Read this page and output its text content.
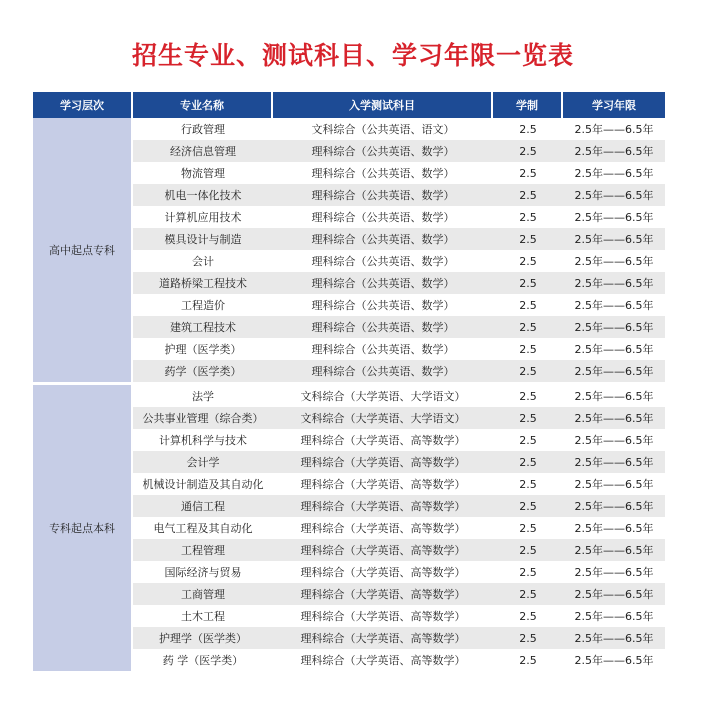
招生专业、测试科目、学习年限一览表
学习层次	专业名称	入学测试科目	学制	学习年限
高中起点专科
行政管理	文科综合（公共英语、语文）	2.5	2.5年——6.5年
经济信息管理	理科综合（公共英语、数学）	2.5	2.5年——6.5年
物流管理	理科综合（公共英语、数学）	2.5	2.5年——6.5年
机电一体化技术	理科综合（公共英语、数学）	2.5	2.5年——6.5年
计算机应用技术	理科综合（公共英语、数学）	2.5	2.5年——6.5年
模具设计与制造	理科综合（公共英语、数学）	2.5	2.5年——6.5年
会计	理科综合（公共英语、数学）	2.5	2.5年——6.5年
道路桥梁工程技术	理科综合（公共英语、数学）	2.5	2.5年——6.5年
工程造价	理科综合（公共英语、数学）	2.5	2.5年——6.5年
建筑工程技术	理科综合（公共英语、数学）	2.5	2.5年——6.5年
护理（医学类）	理科综合（公共英语、数学）	2.5	2.5年——6.5年
药学（医学类）	理科综合（公共英语、数学）	2.5	2.5年——6.5年
专科起点本科
法学	文科综合（大学英语、大学语文）	2.5	2.5年——6.5年
公共事业管理（综合类）	文科综合（大学英语、大学语文）	2.5	2.5年——6.5年
计算机科学与技术	理科综合（大学英语、高等数学）	2.5	2.5年——6.5年
会计学	理科综合（大学英语、高等数学）	2.5	2.5年——6.5年
机械设计制造及其自动化	理科综合（大学英语、高等数学）	2.5	2.5年——6.5年
通信工程	理科综合（大学英语、高等数学）	2.5	2.5年——6.5年
电气工程及其自动化	理科综合（大学英语、高等数学）	2.5	2.5年——6.5年
工程管理	理科综合（大学英语、高等数学）	2.5	2.5年——6.5年
国际经济与贸易	理科综合（大学英语、高等数学）	2.5	2.5年——6.5年
工商管理	理科综合（大学英语、高等数学）	2.5	2.5年——6.5年
土木工程	理科综合（大学英语、高等数学）	2.5	2.5年——6.5年
护理学（医学类）	理科综合（大学英语、高等数学）	2.5	2.5年——6.5年
药 学（医学类）	理科综合（大学英语、高等数学）	2.5	2.5年——6.5年
